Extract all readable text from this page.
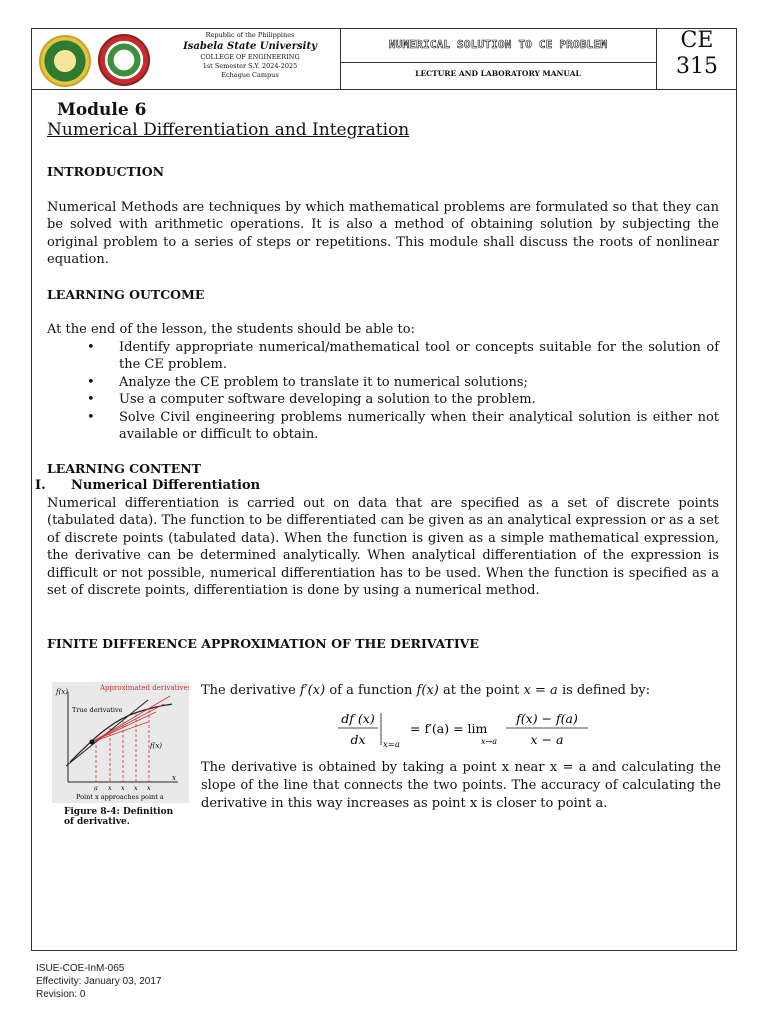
Republic of the Philippines
Isabela State University
COLLEGE OF ENGINEERING
1st Semester S.Y. 2024-2025
Echague Campus
NUMERICAL SOLUTION TO CE PROBLEM
LECTURE AND LABORATORY MANUAL
CE
315
Module 6
Numerical Differentiation and Integration
INTRODUCTION
Numerical Methods are techniques by which mathematical problems are formulated so that they can be solved with arithmetic operations. It is also a method of obtaining solution by subjecting the original problem to a series of steps or repetitions. This module shall discuss the roots of nonlinear equation.
LEARNING OUTCOME
At the end of the lesson, the students should be able to:
• Identify appropriate numerical/mathematical tool or concepts suitable for the solution of the CE problem.
• Analyze the CE problem to translate it to numerical solutions;
• Use a computer software developing a solution to the problem.
• Solve Civil engineering problems numerically when their analytical solution is either not available or difficult to obtain.
LEARNING CONTENT
I.	Numerical Differentiation
Numerical differentiation is carried out on data that are specified as a set of discrete points (tabulated data). The function to be differentiated can be given as an analytical expression or as a set of discrete points (tabulated data). When the function is given as a simple mathematical expression, the derivative can be determined analytically. When analytical differentiation of the expression is difficult or not possible, numerical differentiation has to be used. When the function is specified as a set of discrete points, differentiation is done by using a numerical method.
FINITE DIFFERENCE APPROXIMATION OF THE DERIVATIVE
f(x)	Approximated derivatives
True derivative
f(x)
x
a x x x x
Point x approaches point a
Figure 8-4: Definition of derivative.
The derivative f′(x) of a function f(x) at the point x = a is defined by:
df (x)
dx x=a
= f′(a) = lim
x→a
f(x) − f(a)
x − a
The derivative is obtained by taking a point x near x = a and calculating the slope of the line that connects the two points. The accuracy of calculating the derivative in this way increases as point x is closer to point a.
ISUE-COE-InM-065
Effectivity: January 03, 2017
Revision: 0
